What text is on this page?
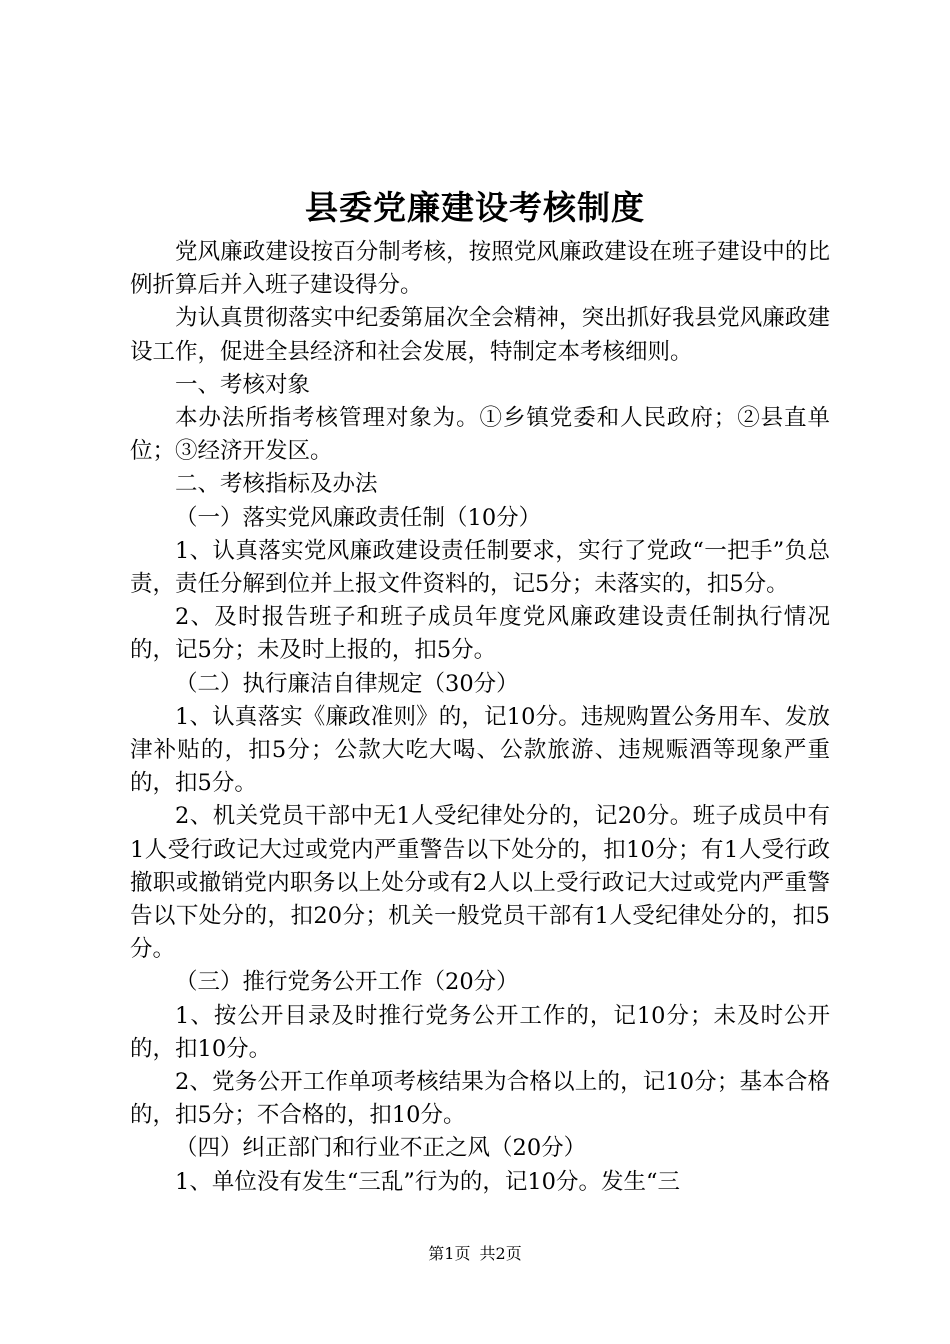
县委党廉建设考核制度

党风廉政建设按百分制考核，按照党风廉政建设在班子建设中的比例折算后并入班子建设得分。

为认真贯彻落实中纪委第届次全会精神，突出抓好我县党风廉政建设工作，促进全县经济和社会发展，特制定本考核细则。

一、考核对象

本办法所指考核管理对象为。①乡镇党委和人民政府；②县直单位；③经济开发区。

二、考核指标及办法

（一）落实党风廉政责任制（10分）

1、认真落实党风廉政建设责任制要求，实行了党政“一把手”负总责，责任分解到位并上报文件资料的，记5分；未落实的，扣5分。

2、及时报告班子和班子成员年度党风廉政建设责任制执行情况的，记5分；未及时上报的，扣5分。

（二）执行廉洁自律规定（30分）

1、认真落实《廉政准则》的，记10分。违规购置公务用车、发放津补贴的，扣5分；公款大吃大喝、公款旅游、违规赈酒等现象严重的，扣5分。

2、机关党员干部中无1人受纪律处分的，记20分。班子成员中有1人受行政记大过或党内严重警告以下处分的，扣10分；有1人受行政撤职或撤销党内职务以上处分或有2人以上受行政记大过或党内严重警告以下处分的，扣20分；机关一般党员干部有1人受纪律处分的，扣5分。

（三）推行党务公开工作（20分）

1、按公开目录及时推行党务公开工作的，记10分；未及时公开的，扣10分。

2、党务公开工作单项考核结果为合格以上的，记10分；基本合格的，扣5分；不合格的，扣10分。

（四）纠正部门和行业不正之风（20分）

1、单位没有发生“三乱”行为的，记10分。发生“三

第1页 共2页
